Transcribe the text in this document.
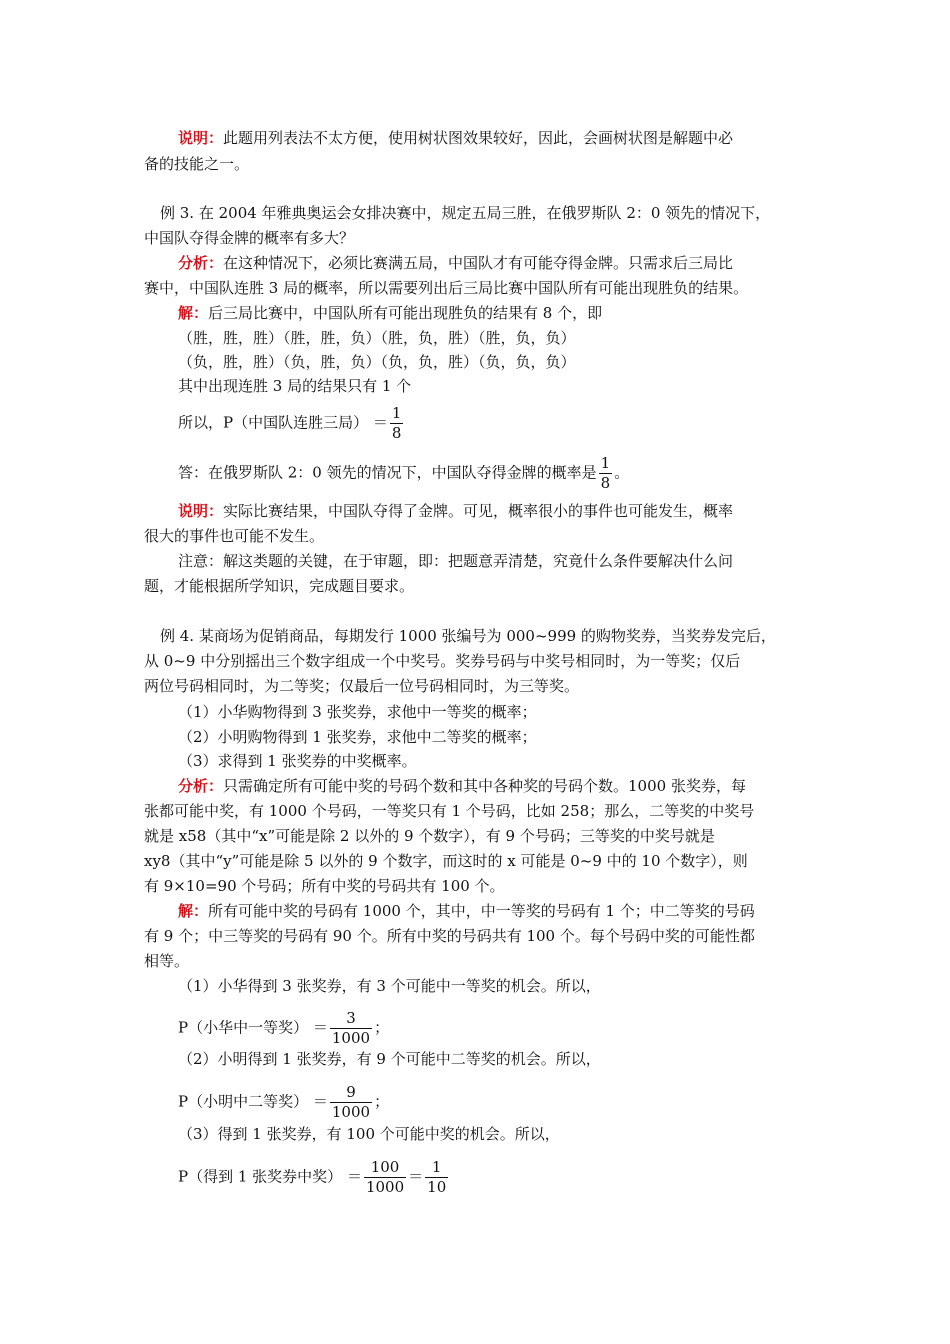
说明：此题用列表法不太方便，使用树状图效果较好，因此，会画树状图是解题中必
备的技能之一。
例 3. 在 2004 年雅典奥运会女排决赛中，规定五局三胜，在俄罗斯队 2：0 领先的情况下，
中国队夺得金牌的概率有多大？
分析：在这种情况下，必须比赛满五局，中国队才有可能夺得金牌。只需求后三局比
赛中，中国队连胜 3 局的概率，所以需要列出后三局比赛中国队所有可能出现胜负的结果。
解：后三局比赛中，中国队所有可能出现胜负的结果有 8 个，即
（胜，胜，胜）（胜，胜，负）（胜，负，胜）（胜，负，负）
（负，胜，胜）（负，胜，负）（负，负，胜）（负，负，负）
其中出现连胜 3 局的结果只有 1 个
所以，P（中国队连胜三局） ＝ $\frac{1}{8}$
答：在俄罗斯队 2：0 领先的情况下，中国队夺得金牌的概率是 $\frac{1}{8}$ 。
说明：实际比赛结果，中国队夺得了金牌。可见，概率很小的事件也可能发生，概率
很大的事件也可能不发生。
注意：解这类题的关键，在于审题，即：把题意弄清楚，究竟什么条件要解决什么问
题，才能根据所学知识，完成题目要求。
例 4. 某商场为促销商品，每期发行 1000 张编号为 000~999 的购物奖券，当奖券发完后，
从 0~9 中分别摇出三个数字组成一个中奖号。奖券号码与中奖号相同时，为一等奖；仅后
两位号码相同时，为二等奖；仅最后一位号码相同时，为三等奖。
（1）小华购物得到 3 张奖券，求他中一等奖的概率；
（2）小明购物得到 1 张奖券，求他中二等奖的概率；
（3）求得到 1 张奖券的中奖概率。
分析：只需确定所有可能中奖的号码个数和其中各种奖的号码个数。1000 张奖券，每
张都可能中奖，有 1000 个号码，一等奖只有 1 个号码，比如 258；那么，二等奖的中奖号
就是 x58（其中“x”可能是除 2 以外的 9 个数字），有 9 个号码；三等奖的中奖号就是
xy8（其中“y”可能是除 5 以外的 9 个数字，而这时的 x 可能是 0~9 中的 10 个数字），则
有 9×10=90 个号码；所有中奖的号码共有 100 个。
解：所有可能中奖的号码有 1000 个，其中，中一等奖的号码有 1 个；中二等奖的号码
有 9 个；中三等奖的号码有 90 个。所有中奖的号码共有 100 个。每个号码中奖的可能性都
相等。
（1）小华得到 3 张奖券，有 3 个可能中一等奖的机会。所以，
P（小华中一等奖） ＝ $\frac{3}{1000}$ ；
（2）小明得到 1 张奖券，有 9 个可能中二等奖的机会。所以，
P（小明中二等奖） ＝ $\frac{9}{1000}$ ；
（3）得到 1 张奖券，有 100 个可能中奖的机会。所以，
P（得到 1 张奖券中奖） ＝ $\frac{100}{1000} = \frac{1}{10}$
